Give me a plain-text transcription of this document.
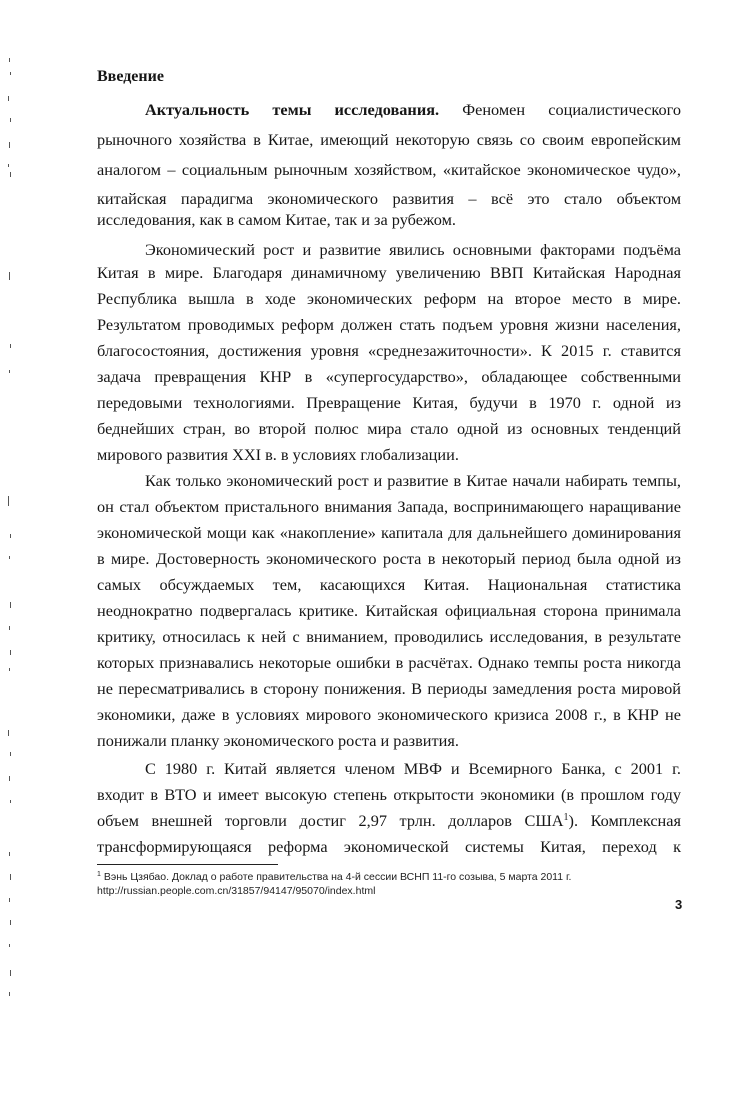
Введение
Актуальность темы исследования. Феномен социалистического
рыночного хозяйства в Китае, имеющий некоторую связь со своим европейским
аналогом – социальным рыночным хозяйством, «китайское экономическое чудо»,
китайская парадигма экономического развития – всё это стало объектом
исследования, как в самом Китае, так и за рубежом.
Экономический рост и развитие явились основными факторами подъёма
Китая в мире. Благодаря динамичному увеличению ВВП Китайская Народная
Республика вышла в ходе экономических реформ на второе место в мире.
Результатом проводимых реформ должен стать подъем уровня жизни населения,
благосостояния, достижения уровня «среднезажиточности». К 2015 г. ставится
задача превращения КНР в «супергосударство», обладающее собственными
передовыми технологиями. Превращение Китая, будучи в 1970 г. одной из
беднейших стран, во второй полюс мира стало одной из основных тенденций
мирового развития XXI в. в условиях глобализации.
Как только экономический рост и развитие в Китае начали набирать темпы,
он стал объектом пристального внимания Запада, воспринимающего наращивание
экономической мощи как «накопление» капитала для дальнейшего доминирования
в мире. Достоверность экономического роста в некоторый период была одной из
самых обсуждаемых тем, касающихся Китая. Национальная статистика
неоднократно подвергалась критике. Китайская официальная сторона принимала
критику, относилась к ней с вниманием, проводились исследования, в результате
которых признавались некоторые ошибки в расчётах. Однако темпы роста никогда
не пересматривались в сторону понижения. В периоды замедления роста мировой
экономики, даже в условиях мирового экономического кризиса 2008 г., в КНР не
понижали планку экономического роста и развития.
С 1980 г. Китай является членом МВФ и Всемирного Банка, с 2001 г.
входит в ВТО и имеет высокую степень открытости экономики (в прошлом году
объем внешней торговли достиг 2,97 трлн. долларов США$^1$). Комплексная
трансформирующаяся реформа экономической системы Китая, переход к
$^1$ Вэнь Цзябао. Доклад о работе правительства на 4-й сессии ВСНП 11-го созыва, 5 марта 2011 г.
http://russian.people.com.cn/31857/94147/95070/index.html
3
